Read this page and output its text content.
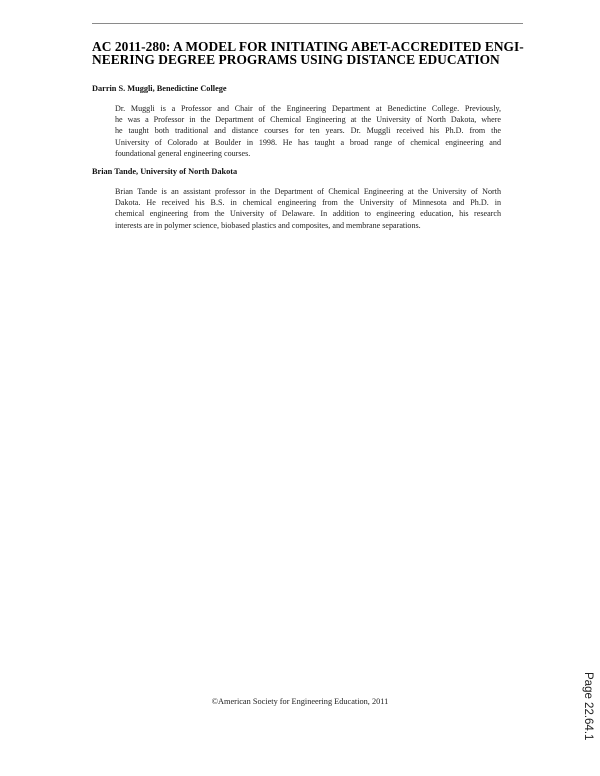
AC 2011-280: A MODEL FOR INITIATING ABET-ACCREDITED ENGI-
NEERING DEGREE PROGRAMS USING DISTANCE EDUCATION
Darrin S. Muggli, Benedictine College
Dr. Muggli is a Professor and Chair of the Engineering Department at Benedictine College. Previously,
he was a Professor in the Department of Chemical Engineering at the University of North Dakota, where
he taught both traditional and distance courses for ten years. Dr. Muggli received his Ph.D. from the
University of Colorado at Boulder in 1998. He has taught a broad range of chemical engineering and
foundational general engineering courses.
Brian Tande, University of North Dakota
Brian Tande is an assistant professor in the Department of Chemical Engineering at the University of North
Dakota. He received his B.S. in chemical engineering from the University of Minnesota and Ph.D. in
chemical engineering from the University of Delaware. In addition to engineering education, his research
interests are in polymer science, biobased plastics and composites, and membrane separations.
©American Society for Engineering Education, 2011	Page 22.64.1
